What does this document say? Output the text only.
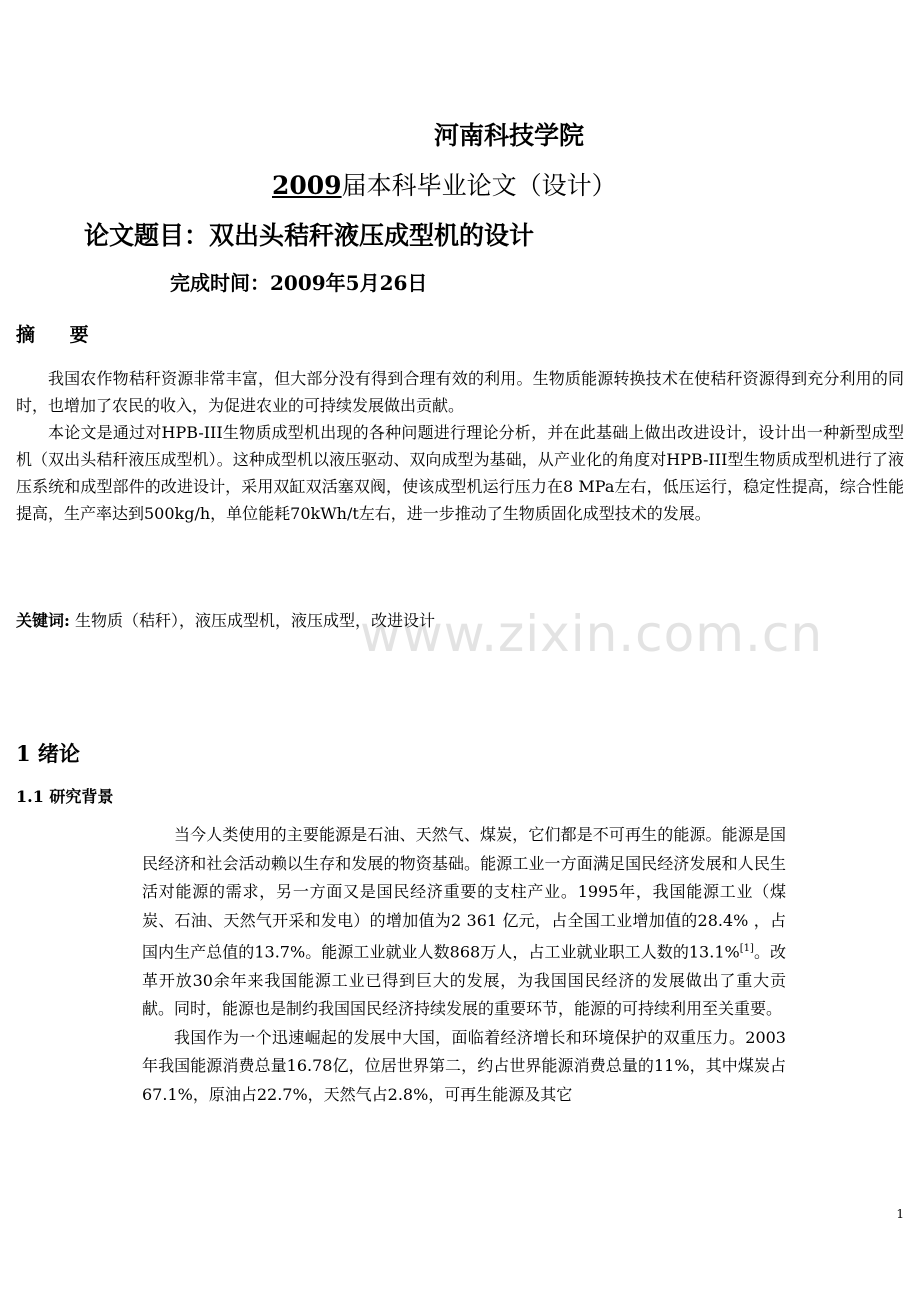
河南科技学院
2009届本科毕业论文（设计）
论文题目：双出头秸秆液压成型机的设计
完成时间：2009年5月26日
摘 要

我国农作物秸秆资源非常丰富，但大部分没有得到合理有效的利用。生物质能源转换技术在使秸秆资源得到充分利用的同时，也增加了农民的收入，为促进农业的可持续发展做出贡献。

本论文是通过对HPB-III生物质成型机出现的各种问题进行理论分析，并在此基础上做出改进设计，设计出一种新型成型机（双出头秸秆液压成型机）。这种成型机以液压驱动、双向成型为基础，从产业化的角度对HPB-III型生物质成型机进行了液压系统和成型部件的改进设计，采用双缸双活塞双阀，使该成型机运行压力在8 MPa左右，低压运行，稳定性提高，综合性能提高，生产率达到500kg/h，单位能耗70kWh/t左右，进一步推动了生物质固化成型技术的发展。

www.zixin.com.cn
关键词: 生物质（秸秆），液压成型机，液压成型，改进设计
1 绪论
1.1 研究背景

当今人类使用的主要能源是石油、天然气、煤炭，它们都是不可再生的能源。能源是国民经济和社会活动赖以生存和发展的物资基础。能源工业一方面满足国民经济发展和人民生活对能源的需求，另一方面又是国民经济重要的支柱产业。1995年，我国能源工业（煤炭、石油、天然气开采和发电）的增加值为2 361 亿元，占全国工业增加值的28.4% ，占国内生产总值的13.7%。能源工业就业人数868万人，占工业就业职工人数的13.1%[1]。改革开放30余年来我国能源工业已得到巨大的发展，为我国国民经济的发展做出了重大贡献。同时，能源也是制约我国国民经济持续发展的重要环节，能源的可持续利用至关重要。

我国作为一个迅速崛起的发展中大国，面临着经济增长和环境保护的双重压力。2003年我国能源消费总量16.78亿，位居世界第二，约占世界能源消费总量的11%，其中煤炭占67.1%，原油占22.7%，天然气占2.8%，可再生能源及其它

1
